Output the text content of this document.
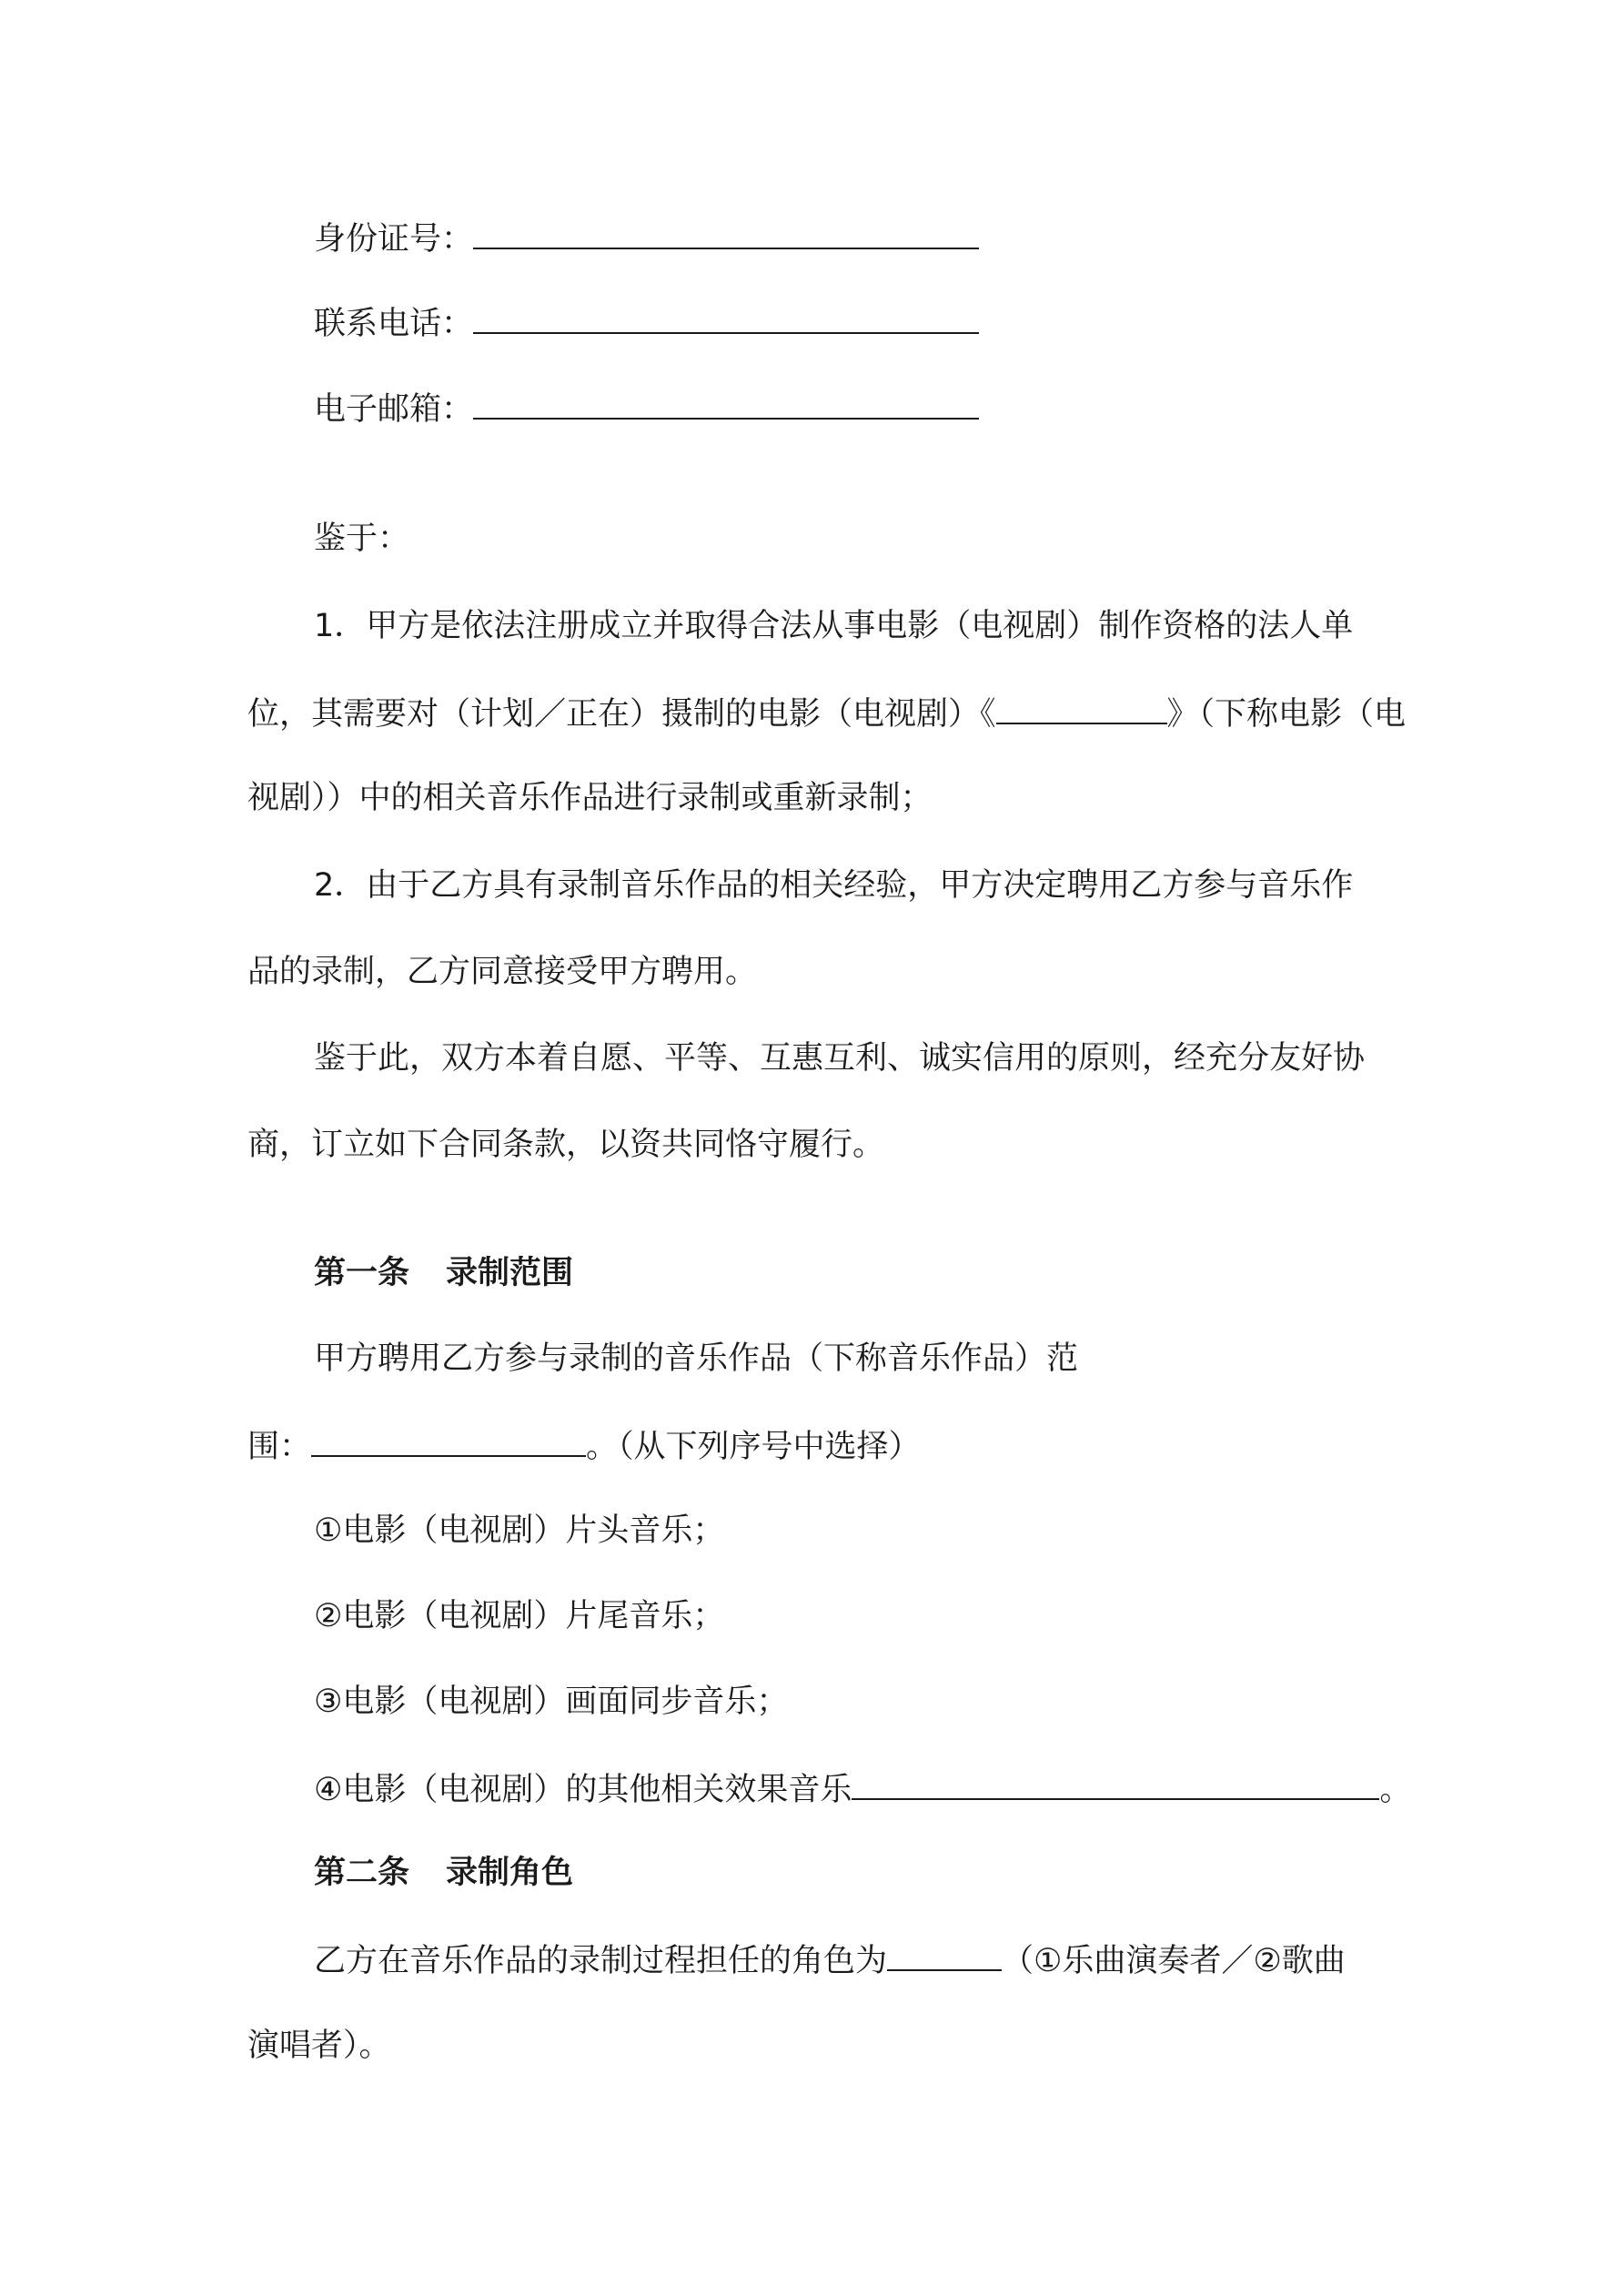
身份证号：
联系电话：
电子邮箱：
鉴于：
1．甲方是依法注册成立并取得合法从事电影（电视剧）制作资格的法人单
位，其需要对（计划／正在）摄制的电影（电视剧）《	》（下称电影（电
视剧））中的相关音乐作品进行录制或重新录制；
2．由于乙方具有录制音乐作品的相关经验，甲方决定聘用乙方参与音乐作
品的录制，乙方同意接受甲方聘用。
鉴于此，双方本着自愿、平等、互惠互利、诚实信用的原则，经充分友好协
商，订立如下合同条款，以资共同恪守履行。
第一条 录制范围
甲方聘用乙方参与录制的音乐作品（下称音乐作品）范
围：	。（从下列序号中选择）
①电影（电视剧）片头音乐；
②电影（电视剧）片尾音乐；
③电影（电视剧）画面同步音乐；
④电影（电视剧）的其他相关效果音乐	。
第二条 录制角色
乙方在音乐作品的录制过程担任的角色为	（①乐曲演奏者／②歌曲
演唱者）。
